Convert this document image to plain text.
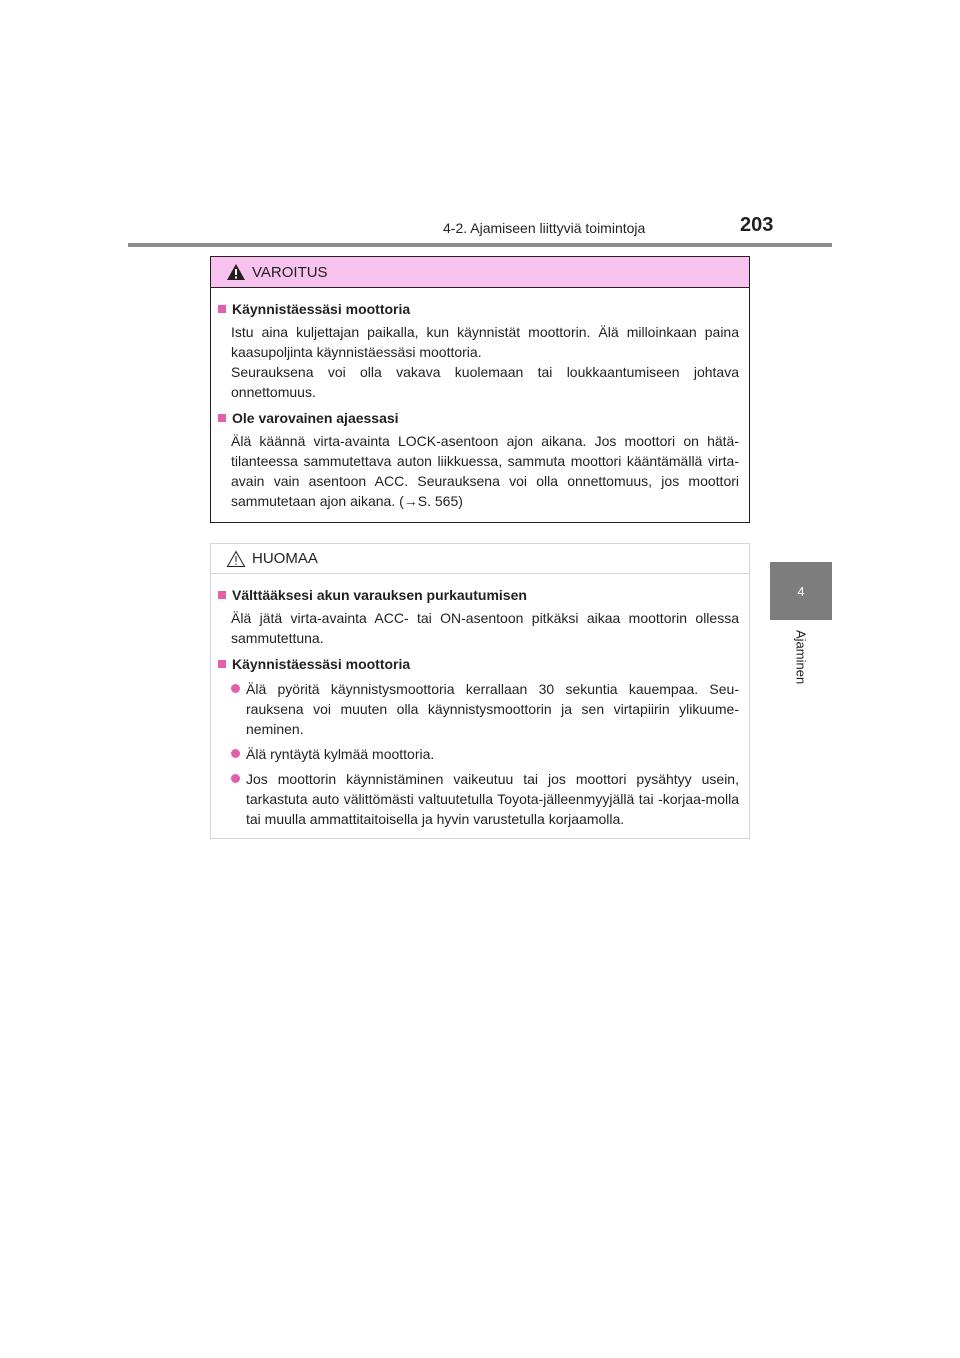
4-2. Ajamiseen liittyviä toimintoja	203
4
Ajaminen
VAROITUS
Käynnistäessäsi moottoria
Istu aina kuljettajan paikalla, kun käynnistät moottorin. Älä milloinkaan paina kaasupoljinta käynnistäessäsi moottoria.
Seurauksena voi olla vakava kuolemaan tai loukkaantumiseen johtava onnettomuus.
Ole varovainen ajaessasi
Älä käännä virta-avainta LOCK-asentoon ajon aikana. Jos moottori on hätä-tilanteessa sammutettava auton liikkuessa, sammuta moottori kääntämällä virta-avain vain asentoon ACC. Seurauksena voi olla onnettomuus, jos moottori sammutetaan ajon aikana. (→S. 565)
HUOMAA
Välttääksesi akun varauksen purkautumisen
Älä jätä virta-avainta ACC- tai ON-asentoon pitkäksi aikaa moottorin ollessa sammutettuna.
Käynnistäessäsi moottoria
Älä pyöritä käynnistysmoottoria kerrallaan 30 sekuntia kauempaa. Seu-rauksena voi muuten olla käynnistysmoottorin ja sen virtapiirin ylikuume-neminen.
Älä ryntäytä kylmää moottoria.
Jos moottorin käynnistäminen vaikeutuu tai jos moottori pysähtyy usein, tarkastuta auto välittömästi valtuutetulla Toyota-jälleenmyyjällä tai -korjaa-molla tai muulla ammattitaitoisella ja hyvin varustetulla korjaamolla.
